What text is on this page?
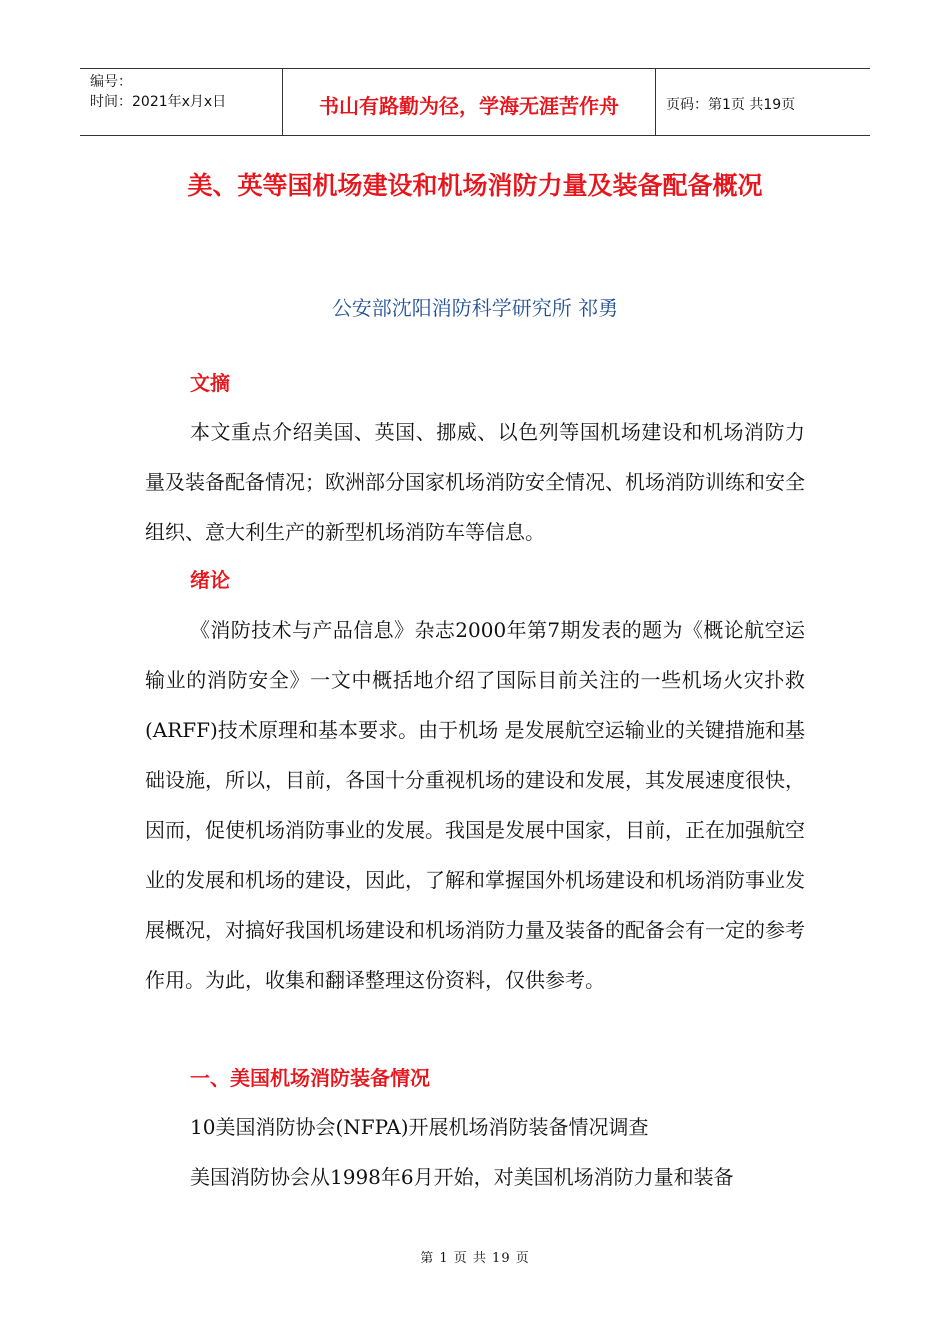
编号：
时间：2021年x月x日	书山有路勤为径，学海无涯苦作舟	页码：第1页 共19页
美、英等国机场建设和机场消防力量及装备配备概况
公安部沈阳消防科学研究所 祁勇
文摘

本文重点介绍美国、英国、挪威、以色列等国机场建设和机场消防力量及装备配备情况；欧洲部分国家机场消防安全情况、机场消防训练和安全组织、意大利生产的新型机场消防车等信息。

绪论

《消防技术与产品信息》杂志2000年第7期发表的题为《概论航空运输业的消防安全》一文中概括地介绍了国际目前关注的一些机场火灾扑救(ARFF)技术原理和基本要求。由于机场 是发展航空运输业的关键措施和基础设施，所以，目前，各国十分重视机场的建设和发展，其发展速度很快，因而，促使机场消防事业的发展。我国是发展中国家，目前，正在加强航空业的发展和机场的建设，因此，了解和掌握国外机场建设和机场消防事业发展概况，对搞好我国机场建设和机场消防力量及装备的配备会有一定的参考作用。为此，收集和翻译整理这份资料，仅供参考。

一、美国机场消防装备情况

10美国消防协会(NFPA)开展机场消防装备情况调查

美国消防协会从1998年6月开始，对美国机场消防力量和装备

第 1 页 共 19 页
